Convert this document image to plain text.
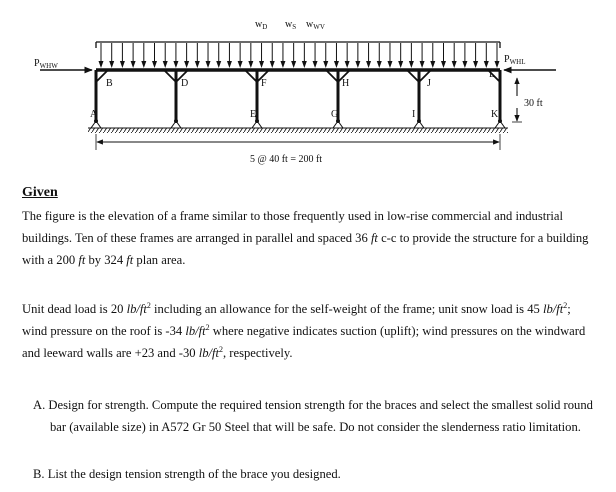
$w_D$ $w_S$ $w_{WV}$
$P_{WHW}$
$P_{WHL}$
30 ft
5 @ 40 ft = 200 ft
A
B	D
E
F
G
H
I
J
K
L
Given

The figure is the elevation of a frame similar to those frequently used in low-rise commercial and industrial buildings. Ten of these frames are arranged in parallel and spaced 36 ft c-c to provide the structure for a building with a 200 ft by 324 ft plan area.

Unit dead load is 20 $lb/ft^2$ including an allowance for the self-weight of the frame; unit snow load is 45 $lb/ft^2$; wind pressure on the roof is -34 $lb/ft^2$ where negative indicates suction (uplift); wind pressures on the windward and leeward walls are +23 and -30 $lb/ft^2$, respectively.

A. Design for strength. Compute the required tension strength for the braces and select the smallest solid round bar (available size) in A572 Gr 50 Steel that will be safe. Do not consider the slenderness ratio limitation.

B. List the design tension strength of the brace you designed.
